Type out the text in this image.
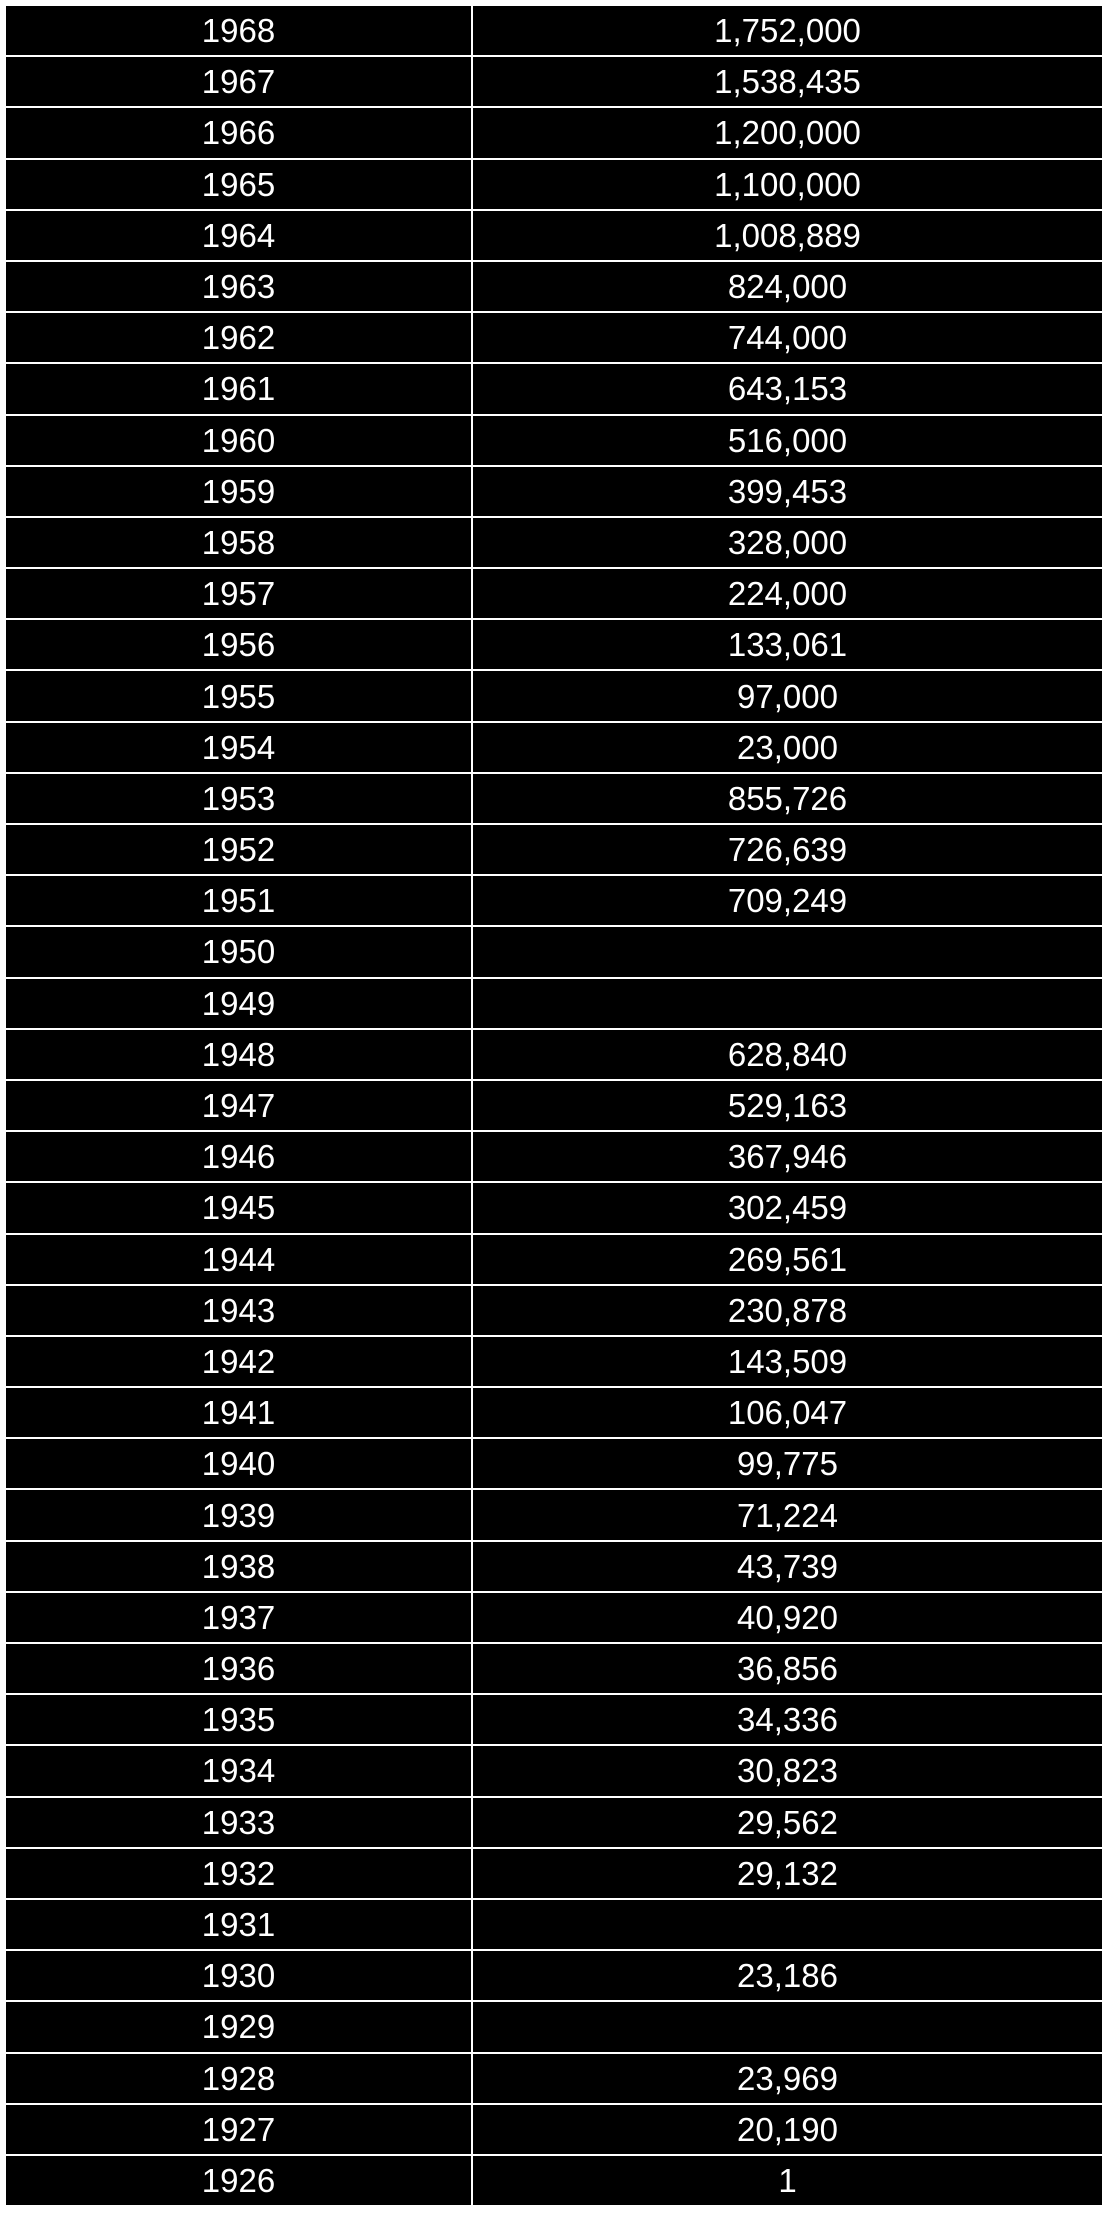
1968	1,752,000
1967	1,538,435
1966	1,200,000
1965	1,100,000
1964	1,008,889
1963	824,000
1962	744,000
1961	643,153
1960	516,000
1959	399,453
1958	328,000
1957	224,000
1956	133,061
1955	97,000
1954	23,000
1953	855,726
1952	726,639
1951	709,249
1950	
1949	
1948	628,840
1947	529,163
1946	367,946
1945	302,459
1944	269,561
1943	230,878
1942	143,509
1941	106,047
1940	99,775
1939	71,224
1938	43,739
1937	40,920
1936	36,856
1935	34,336
1934	30,823
1933	29,562
1932	29,132
1931	
1930	23,186
1929	
1928	23,969
1927	20,190
1926	1
